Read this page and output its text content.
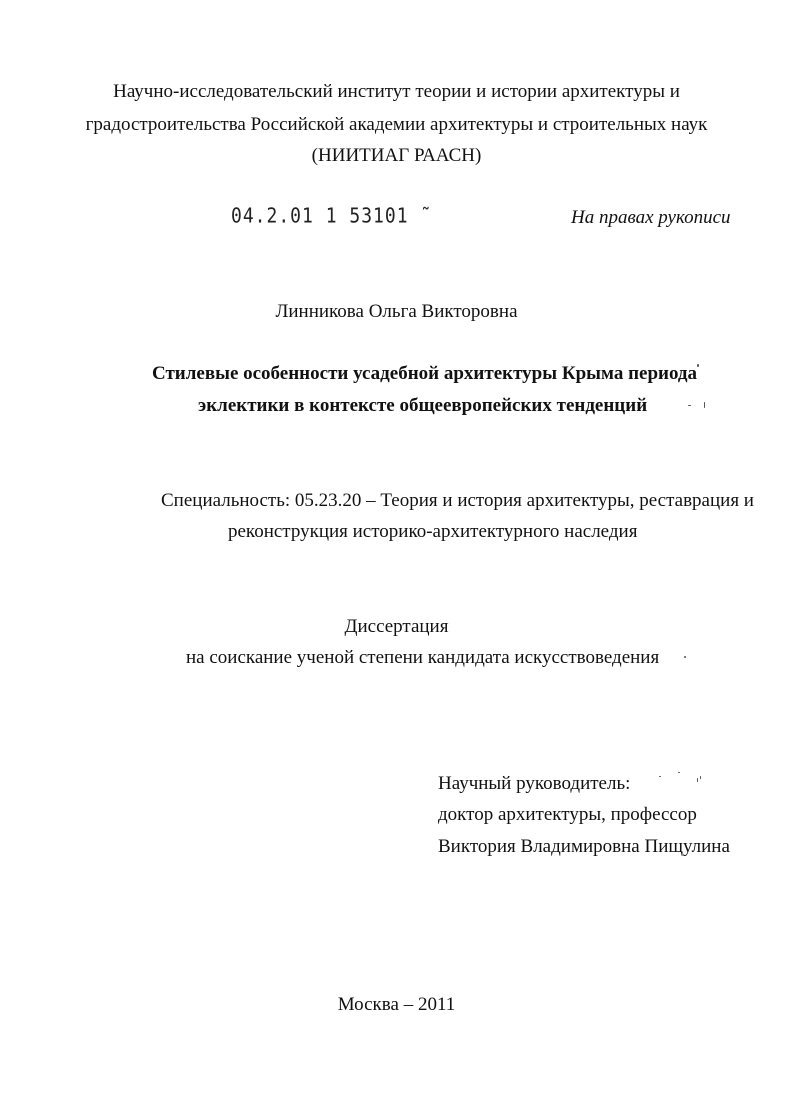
Научно-исследовательский институт теории и истории архитектуры и
градостроительства Российской академии архитектуры и строительных наук
(НИИТИАГ РААСН)
04.2.01 1 53101 ˜	На правах рукописи
Линникова Ольга Викторовна
Стилевые особенности усадебной архитектуры Крыма периода
эклектики в контексте общеевропейских тенденций
Специальность: 05.23.20 – Теория и история архитектуры, реставрация и
реконструкция историко-архитектурного наследия
Диссертация
на соискание ученой степени кандидата искусствоведения
Научный руководитель:
доктор архитектуры, профессор
Виктория Владимировна Пищулина
Москва – 2011
